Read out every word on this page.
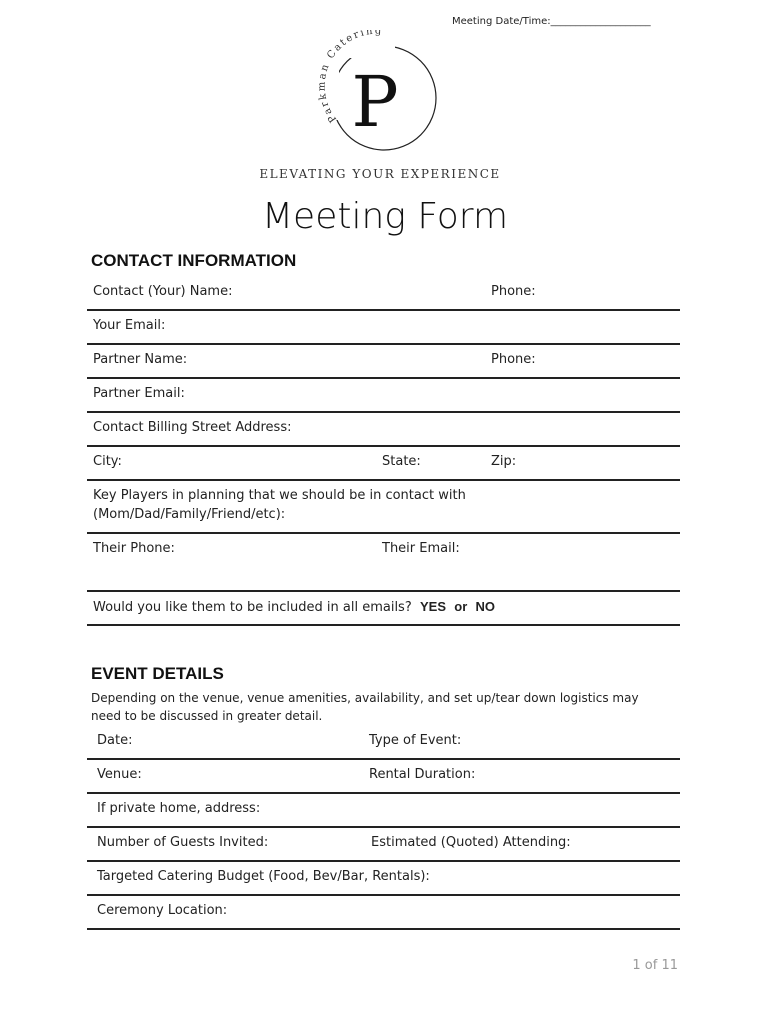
Meeting Date/Time:____________________
Parkman Catering
P
ELEVATING YOUR EXPERIENCE
Meeting Form
CONTACT INFORMATION
Contact (Your) Name:	Phone:
Your Email:
Partner Name:	Phone:
Partner Email:
Contact Billing Street Address:
City:	State:	Zip:
Key Players in planning that we should be in contact with
(Mom/Dad/Family/Friend/etc):
Their Phone:	Their Email:
Would you like them to be included in all emails? YES or NO
EVENT DETAILS
Depending on the venue, venue amenities, availability, and set up/tear down logistics may
need to be discussed in greater detail.
Date:	Type of Event:
Venue:	Rental Duration:
If private home, address:
Number of Guests Invited:	Estimated (Quoted) Attending:
Targeted Catering Budget (Food, Bev/Bar, Rentals):
Ceremony Location:
1 of 11
